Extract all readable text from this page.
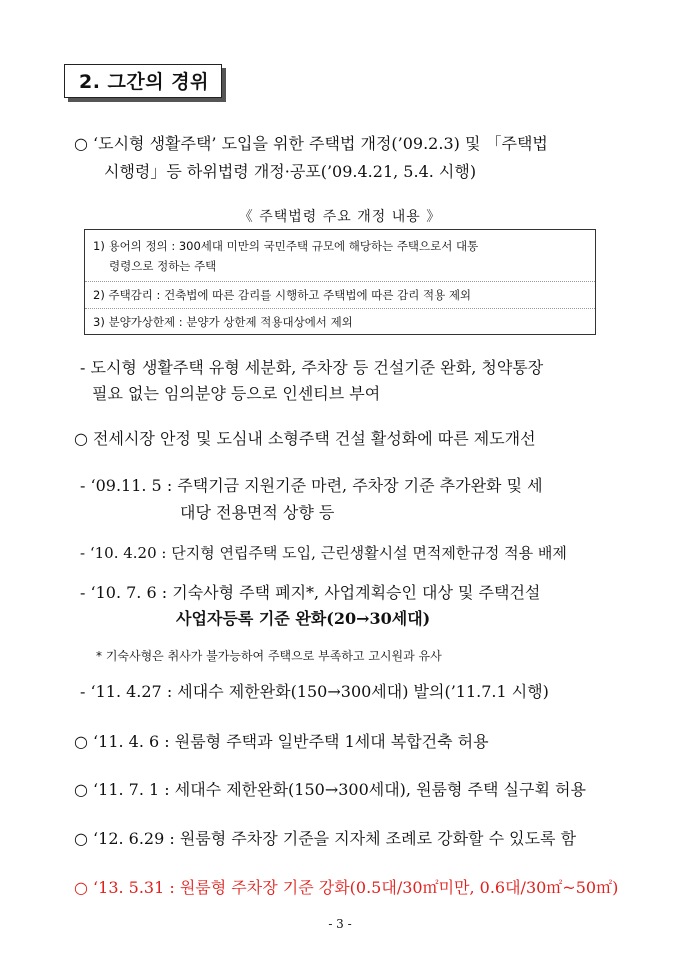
2. 그간의 경위
○ ‘도시형 생활주택’ 도입을 위한 주택법 개정(’09.2.3) 및 「주택법
시행령」등 하위법령 개정·공포(’09.4.21, 5.4. 시행)
《 주택법령 주요 개정 내용 》
1) 용어의 정의 : 300세대 미만의 국민주택 규모에 해당하는 주택으로서 대통
령령으로 정하는 주택
2) 주택감리 : 건축법에 따른 감리를 시행하고 주택법에 따른 감리 적용 제외
3) 분양가상한제 : 분양가 상한제 적용대상에서 제외
- 도시형 생활주택 유형 세분화, 주차장 등 건설기준 완화, 청약통장
필요 없는 임의분양 등으로 인센티브 부여
○ 전세시장 안정 및 도심내 소형주택 건설 활성화에 따른 제도개선
- ‘09.11. 5 : 주택기금 지원기준 마련, 주차장 기준 추가완화 및 세
대당 전용면적 상향 등
- ‘10. 4.20 : 단지형 연립주택 도입, 근린생활시설 면적제한규정 적용 배제
- ‘10. 7. 6 : 기숙사형 주택 폐지*, 사업계획승인 대상 및 주택건설
사업자등록 기준 완화(20→30세대)
* 기숙사형은 취사가 불가능하여 주택으로 부족하고 고시원과 유사
- ‘11. 4.27 : 세대수 제한완화(150→300세대) 발의(’11.7.1 시행)
○ ‘11. 4. 6 : 원룸형 주택과 일반주택 1세대 복합건축 허용
○ ‘11. 7. 1 : 세대수 제한완화(150→300세대), 원룸형 주택 실구획 허용
○ ‘12. 6.29 : 원룸형 주차장 기준을 지자체 조례로 강화할 수 있도록 함
○ ‘13. 5.31 : 원룸형 주차장 기준 강화(0.5대/30㎡미만, 0.6대/30㎡~50㎡)
- 3 -
